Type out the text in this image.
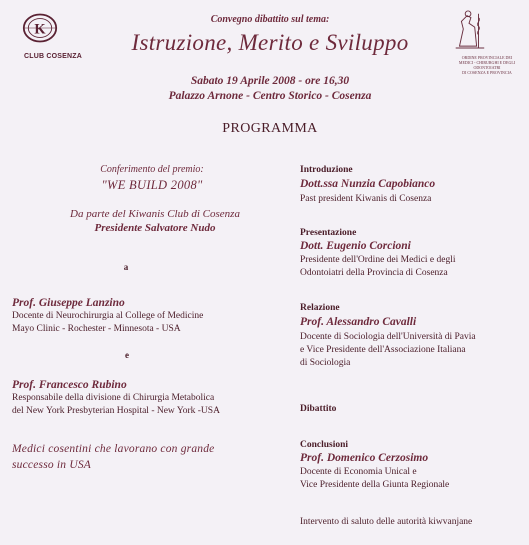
K
CLUB COSENZA	ORDINE PROVINCIALE DEI
MEDICI - CHIRURGHI E DEGLI ODONTOIATRI
DI COSENZA E PROVINCIA
Convegno dibattito sul tema:
Istruzione, Merito e Sviluppo
Sabato 19 Aprile 2008 - ore 16,30
Palazzo Arnone - Centro Storico - Cosenza
PROGRAMMA
Conferimento del premio:
"WE BUILD 2008"
Da parte del Kiwanis Club di Cosenza
Presidente Salvatore Nudo
a
Prof. Giuseppe Lanzino
Docente di Neurochirurgia al College of Medicine
Mayo Clinic - Rochester - Minnesota - USA
e
Prof. Francesco Rubino
Responsabile della divisione di Chirurgia Metabolica
del New York Presbyterian Hospital - New York -USA
Medici cosentini che lavorano con grande
successo in USA
Introduzione
Dott.ssa Nunzia Capobianco
Past president Kiwanis di Cosenza
Presentazione
Dott. Eugenio Corcioni
Presidente dell'Ordine dei Medici e degli
Odontoiatri della Provincia di Cosenza
Relazione
Prof. Alessandro Cavalli
Docente di Sociologia dell'Università di Pavia
e Vice Presidente dell'Associazione Italiana
di Sociologia
Dibattito
Conclusioni
Prof. Domenico Cerzosimo
Docente di Economia Unical e
Vice Presidente della Giunta Regionale
Intervento di saluto delle autorità kiwvanjane
